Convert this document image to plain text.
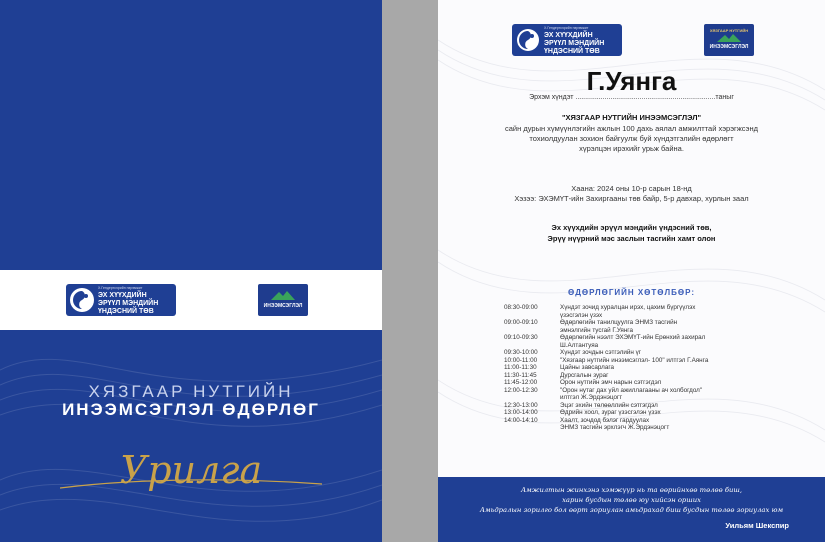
Х.Гендертсэрийн нэрэмжит
ЭХ ХҮҮХДИЙН
ЭРҮҮЛ МЭНДИЙН
ҮНДЭСНИЙ ТӨВ
ИНЭЭМСЭГЛЭЛ
ХЯЗГААР НУТГИЙН
ИНЭЭМСЭГЛЭЛ ӨДӨРЛӨГ
Урилга
Х.Гендертсэрийн нэрэмжит
ЭХ ХҮҮХДИЙН
ЭРҮҮЛ МЭНДИЙН
ҮНДЭСНИЙ ТӨВ
ХЯЗГААР НУТГИЙН
ИНЭЭМСЭГЛЭЛ
Г.Уянга
Эрхэм хүндэт ........................................................................таныг
"ХЯЗГААР НУТГИЙН ИНЭЭМСЭГЛЭЛ"
сайн дурын хүмүүнлэгийн ажлын 100 дахь аялал амжилттай хэрэгжсэнд
тохиолдуулан зохион байгуулж буй хүндэтгэлийн өдөрлөгт
хүрэлцэн ирэхийг урьж байна.
Хаана: 2024 оны 10-р сарын 18-нд
Хэзээ: ЭХЭМҮТ-ийн Захиргааны төв байр, 5-р давхар, хурлын заал
Эх хүүхдийн эрүүл мэндийн үндэсний төв,
Эрүү нүүрний мэс заслын тасгийн хамт олон
ӨДӨРЛӨГИЙН ХӨТӨЛБӨР:
08:30-09:00	Хүндэт зочид хуралцан ирэх, цахим бүргүүлэх
үзэсгэлэн үзэх
09:00-09:10	Өдөрлөгийн танилцуулга ЭНМЗ тасгийн
эмнэлгийн тусгай Г.Уянга
09:10-09:30	Өдөрлөгийн нээлт ЭХЭМҮТ-ийн Ерөнхий захирал
Ш.Алтантуяа
09:30-10:00	Хүндэт зочдын сэтгэлийн үг
10:00-11:00	"Хязгаар нутгийн инээмсэглэл- 100" илтгэл Г.Аянга
11:00-11:30	Цайны завсарлага
11:30-11:45	Дурсгалын зураг
11:45-12:00	Орон нутгийн эмч нарын сэтгэгдэл
12:00-12:30	"Орон нутаг дах уйл ажиллагааны ач холбогдол"
илтгэл Ж.Эрдэнэцогт
12:30-13:00	Эцэг эхийн төлөөллийн сэтгэгдэл
13:00-14:00	Өдрийн хоол, зураг үзэсгэлэн үзэх
14:00-14:10	Хаалт, зочдод бэлэг гардуулах
ЭНМЗ тасгийн эрхлэгч Ж.Эрдэнэцогт
Амжилтын жинхэнэ хэмжүүр нь та өөрийнхөө төлөө биш,
харин бусдын төлөө юу хийсэн орших
Амьдралын зорилго бол өөрт зориулан амьдрахад биш бусдын төлөө зориулах юм
Уильям Шекспир
